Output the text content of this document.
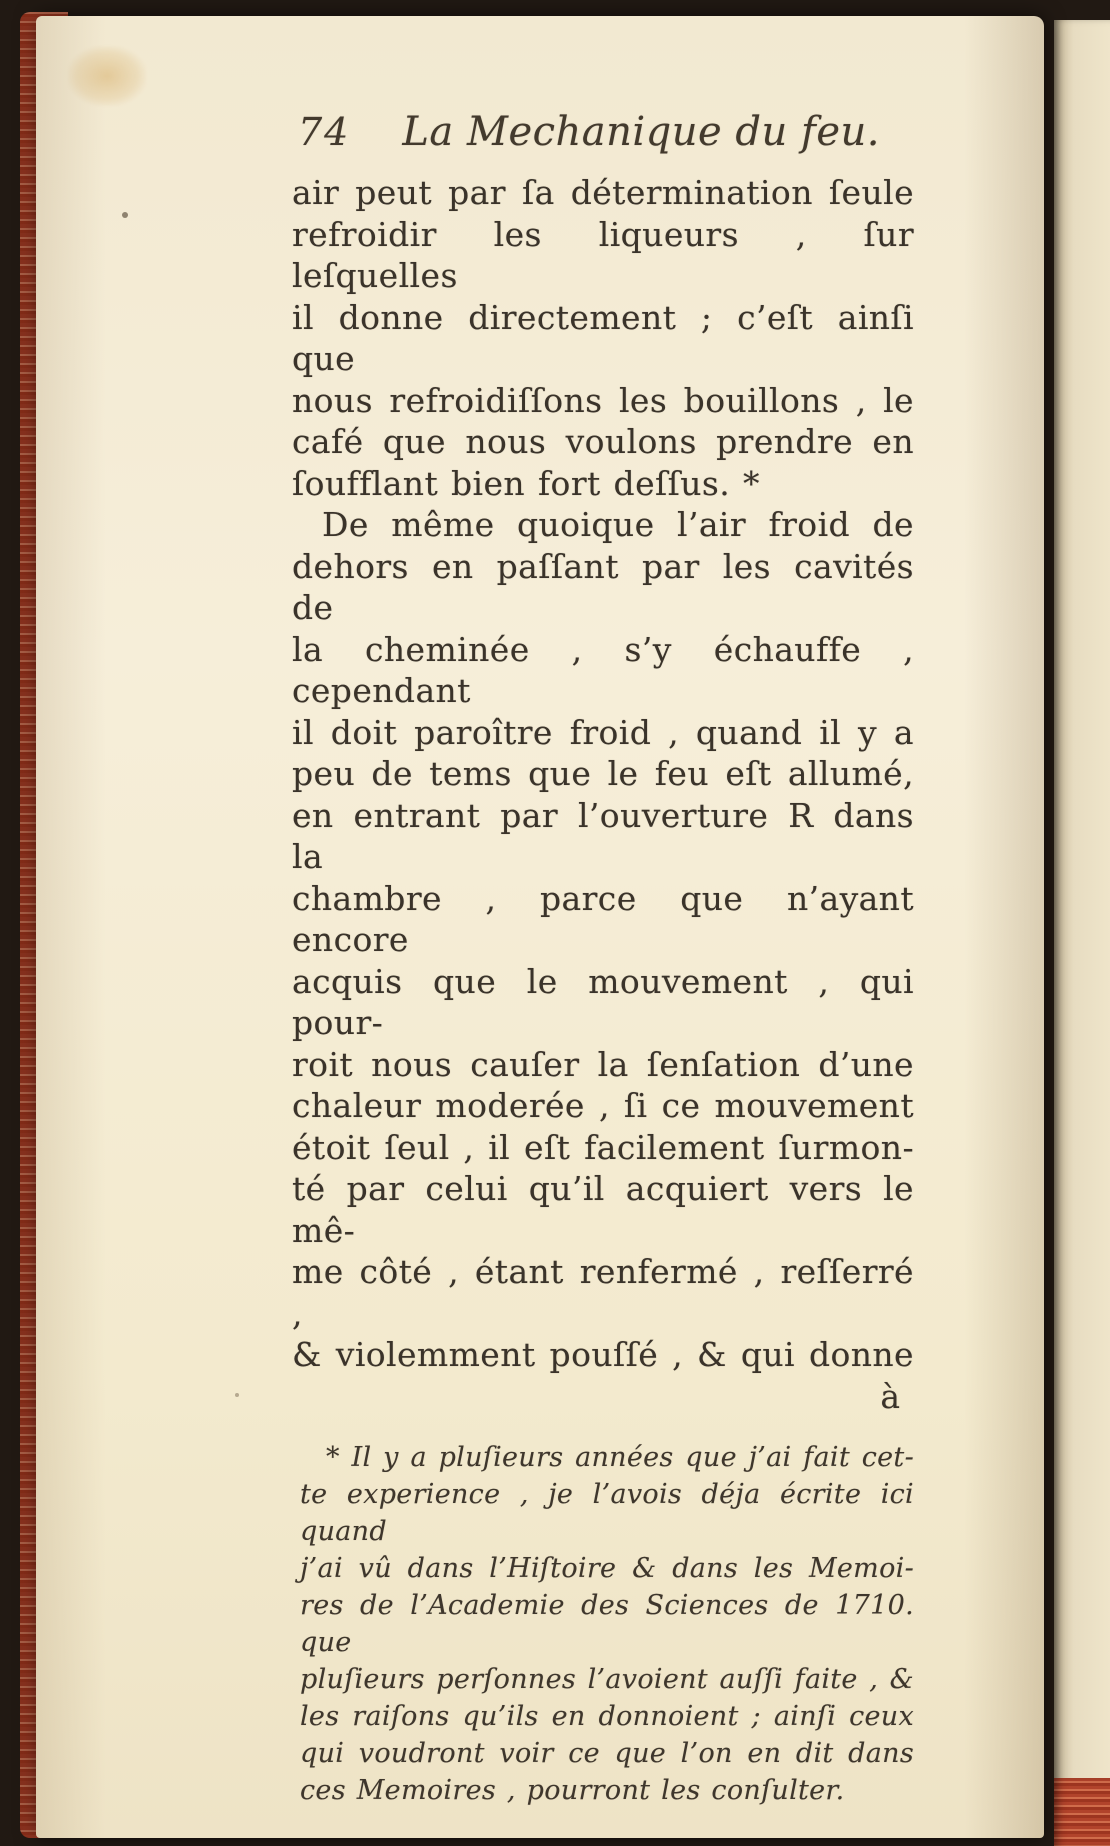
74 La Mechanique du feu.
air peut par ſa détermination ſeule
refroidir les liqueurs , ſur leſquelles
il donne directement ; c’eſt ainſi que
nous refroidiſſons les bouillons , le
café que nous voulons prendre en
ſoufflant bien fort deſſus. *
De même quoique l’air froid de
dehors en paſſant par les cavités de
la cheminée , s’y échauffe , cependant
il doit paroître froid , quand il y a
peu de tems que le feu eſt allumé,
en entrant par l’ouverture R dans la
chambre , parce que n’ayant encore
acquis que le mouvement , qui pour-
roit nous cauſer la ſenſation d’une
chaleur moderée , ſi ce mouvement
étoit ſeul , il eſt facilement ſurmon-
té par celui qu’il acquiert vers le mê-
me côté , étant renfermé , reſſerré ,
& violemment pouſſé , & qui donne
à
* Il y a pluſieurs années que j’ai fait cet-
te experience , je l’avois déja écrite ici quand
j’ai vû dans l’Hiſtoire & dans les Memoi-
res de l’Academie des Sciences de 1710. que
pluſieurs perſonnes l’avoient auſſi faite , &
les raiſons qu’ils en donnoient ; ainſi ceux
qui voudront voir ce que l’on en dit dans
ces Memoires , pourront les conſulter.
